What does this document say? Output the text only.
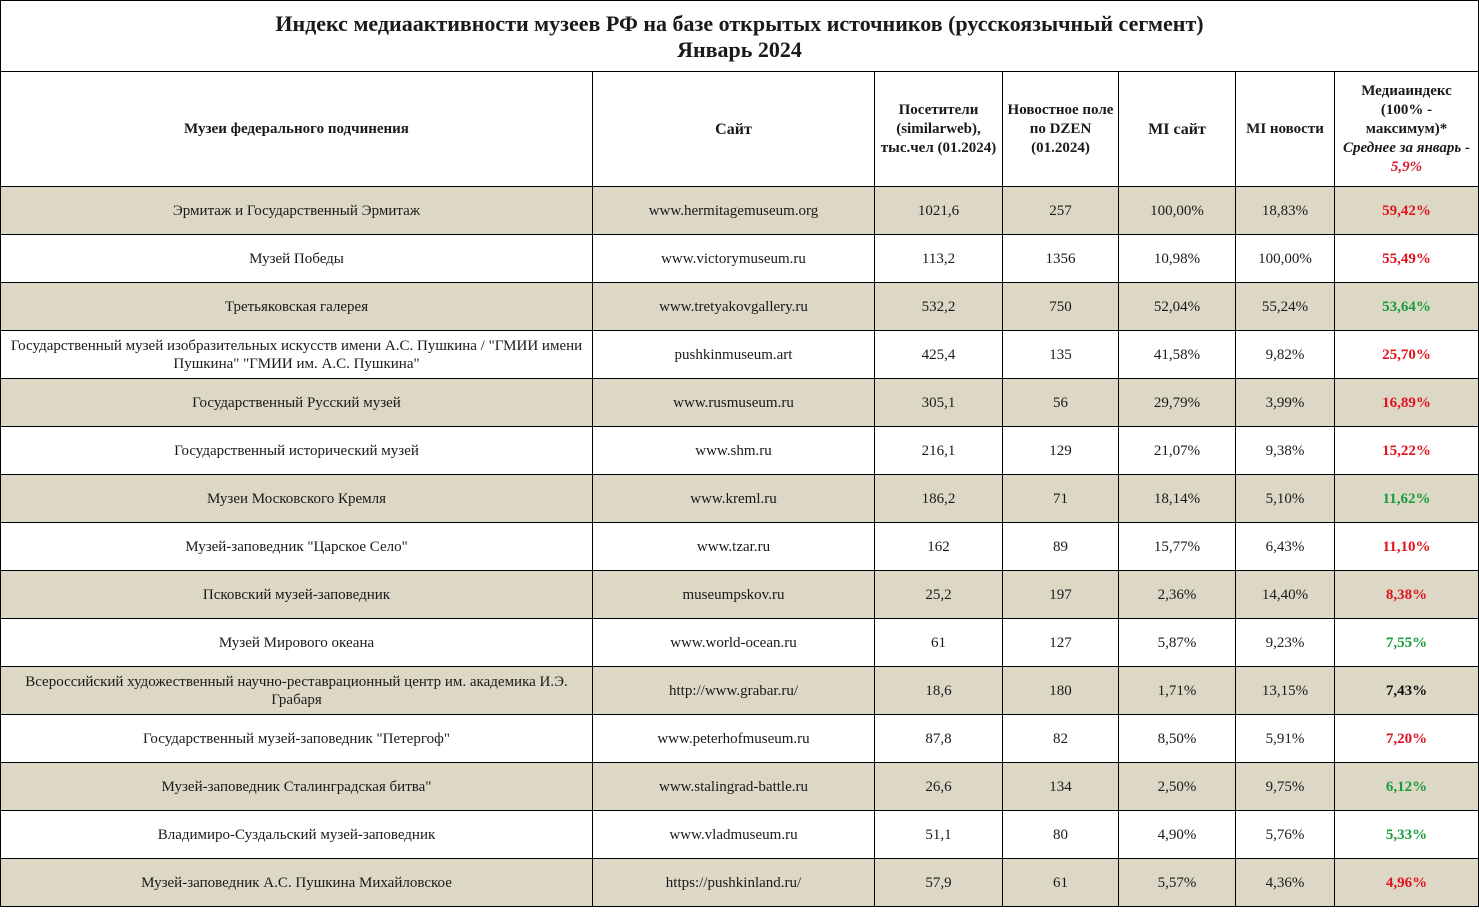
Индекс медиаактивности музеев РФ на базе открытых источников (русскоязычный сегмент)
Январь 2024						

Музеи федерального подчинения	Сайт	Посетители (similarweb), тыс.чел (01.2024)	Новостное поле по DZEN (01.2024)	MI сайт	MI новости	Медиаиндекс (100% - максимум)*
Среднее за январь - 5,9%
Эрмитаж и Государственный Эрмитаж	www.hermitagemuseum.org	1021,6	257	100,00%	18,83%	59,42%
Музей Победы	www.victorymuseum.ru	113,2	1356	10,98%	100,00%	55,49%
Третьяковская галерея	www.tretyakovgallery.ru	532,2	750	52,04%	55,24%	53,64%
Государственный музей изобразительных искусств имени А.С. Пушкина / "ГМИИ имени Пушкина" "ГМИИ им. А.С. Пушкина"	pushkinmuseum.art	425,4	135	41,58%	9,82%	25,70%
Государственный Русский музей	www.rusmuseum.ru	305,1	56	29,79%	3,99%	16,89%
Государственный исторический музей	www.shm.ru	216,1	129	21,07%	9,38%	15,22%
Музеи Московского Кремля	www.kreml.ru	186,2	71	18,14%	5,10%	11,62%
Музей-заповедник "Царское Село"	www.tzar.ru	162	89	15,77%	6,43%	11,10%
Псковский музей-заповедник	museumpskov.ru	25,2	197	2,36%	14,40%	8,38%
Музей Мирового океана	www.world-ocean.ru	61	127	5,87%	9,23%	7,55%
Всероссийский художественный научно-реставрационный центр им. академика И.Э. Грабаря	http://www.grabar.ru/	18,6	180	1,71%	13,15%	7,43%
Государственный музей-заповедник "Петергоф"	www.peterhofmuseum.ru	87,8	82	8,50%	5,91%	7,20%
Музей-заповедник Сталинградская битва"	www.stalingrad-battle.ru	26,6	134	2,50%	9,75%	6,12%
Владимиро-Суздальский музей-заповедник	www.vladmuseum.ru	51,1	80	4,90%	5,76%	5,33%
Музей-заповедник А.С. Пушкина Михайловское	https://pushkinland.ru/	57,9	61	5,57%	4,36%	4,96%
